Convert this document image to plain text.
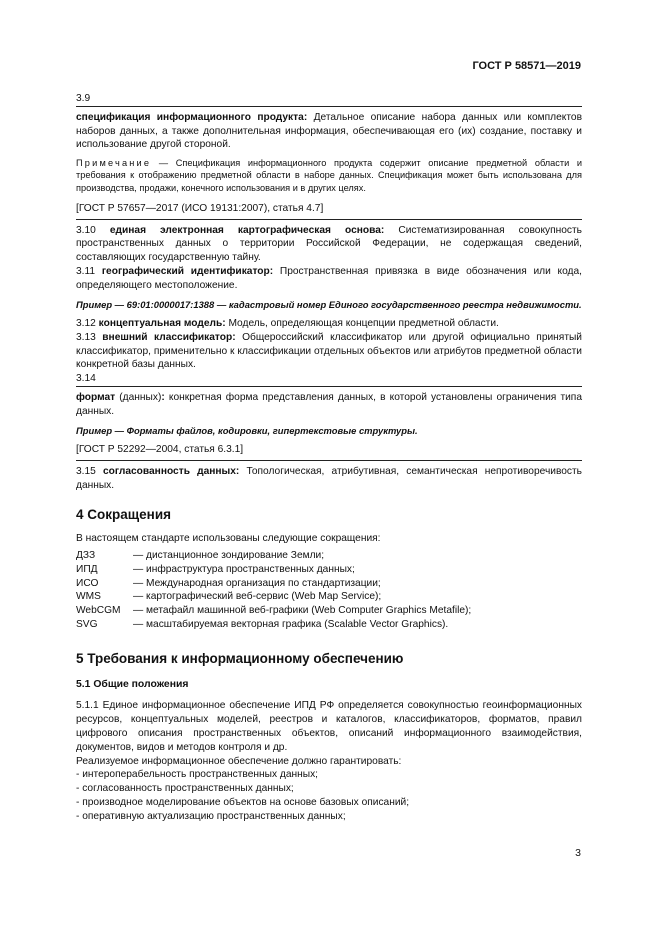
ГОСТ Р 58571—2019

3.9

спецификация информационного продукта: Детальное описание набора данных или комплектов наборов данных, а также дополнительная информация, обеспечивающая его (их) создание, поставку и использование другой стороной.

Примечание — Спецификация информационного продукта содержит описание предметной области и требования к отображению предметной области в наборе данных. Спецификация может быть использована для производства, продажи, конечного использования и в других целях.

[ГОСТ Р 57657—2017 (ИСО 19131:2007), статья 4.7]

3.10 единая электронная картографическая основа: Систематизированная совокупность пространственных данных о территории Российской Федерации, не содержащая сведений, составляющих государственную тайну.

3.11 географический идентификатор: Пространственная привязка в виде обозначения или кода, определяющего местоположение.

Пример — 69:01:0000017:1388 — кадастровый номер Единого государственного реестра недвижимости.

3.12 концептуальная модель: Модель, определяющая концепции предметной области.

3.13 внешний классификатор: Общероссийский классификатор или другой официально принятый классификатор, применительно к классификации отдельных объектов или атрибутов предметной области конкретной базы данных.

3.14

формат (данных): конкретная форма представления данных, в которой установлены ограничения типа данных.

Пример — Форматы файлов, кодировки, гипертекстовые структуры.

[ГОСТ Р 52292—2004, статья 6.3.1]

3.15 согласованность данных: Топологическая, атрибутивная, семантическая непротиворечивость данных.

4 Сокращения

В настоящем стандарте использованы следующие сокращения:

ДЗЗ	— дистанционное зондирование Земли;
ИПД	— инфраструктура пространственных данных;
ИСО	— Международная организация по стандартизации;
WMS	— картографический веб-сервис (Web Map Service);
WebCGM	— метафайл машинной веб-графики (Web Computer Graphics Metafile);
SVG	— масштабируемая векторная графика (Scalable Vector Graphics).
5 Требования к информационному обеспечению
5.1 Общие положения

5.1.1 Единое информационное обеспечение ИПД РФ определяется совокупностью геоинформационных ресурсов, концептуальных моделей, реестров и каталогов, классификаторов, форматов, правил цифрового описания пространственных объектов, описаний информационного взаимодействия, документов, видов и методов контроля и др.

Реализуемое информационное обеспечение должно гарантировать:

- интероперабельность пространственных данных;

- согласованность пространственных данных;

- производное моделирование объектов на основе базовых описаний;

- оперативную актуализацию пространственных данных;

3
